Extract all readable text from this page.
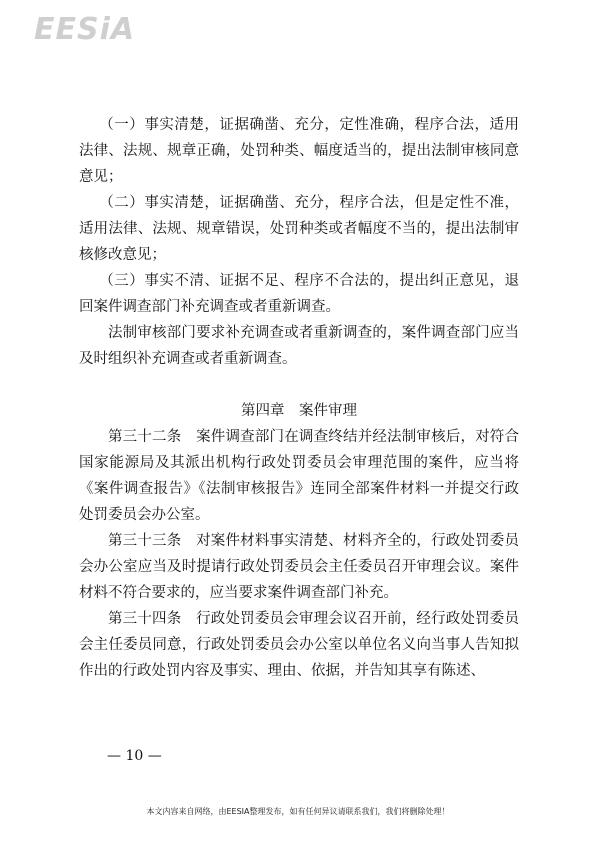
EESiA

（一）事实清楚，证据确凿、充分，定性准确，程序合法，适用法律、法规、规章正确，处罚种类、幅度适当的，提出法制审核同意意见；

（二）事实清楚，证据确凿、充分，程序合法，但是定性不准，适用法律、法规、规章错误，处罚种类或者幅度不当的，提出法制审核修改意见；

（三）事实不清、证据不足、程序不合法的，提出纠正意见，退回案件调查部门补充调查或者重新调查。

法制审核部门要求补充调查或者重新调查的，案件调查部门应当及时组织补充调查或者重新调查。

第四章　案件审理

第三十二条　案件调查部门在调查终结并经法制审核后，对符合国家能源局及其派出机构行政处罚委员会审理范围的案件，应当将《案件调查报告》《法制审核报告》连同全部案件材料一并提交行政处罚委员会办公室。

第三十三条　对案件材料事实清楚、材料齐全的，行政处罚委员会办公室应当及时提请行政处罚委员会主任委员召开审理会议。案件材料不符合要求的，应当要求案件调查部门补充。

第三十四条　行政处罚委员会审理会议召开前，经行政处罚委员会主任委员同意，行政处罚委员会办公室以单位名义向当事人告知拟作出的行政处罚内容及事实、理由、依据，并告知其享有陈述、

— 10 —
本文内容来自网络，由EESIA整理发布，如有任何异议请联系我们，我们将删除处理！
